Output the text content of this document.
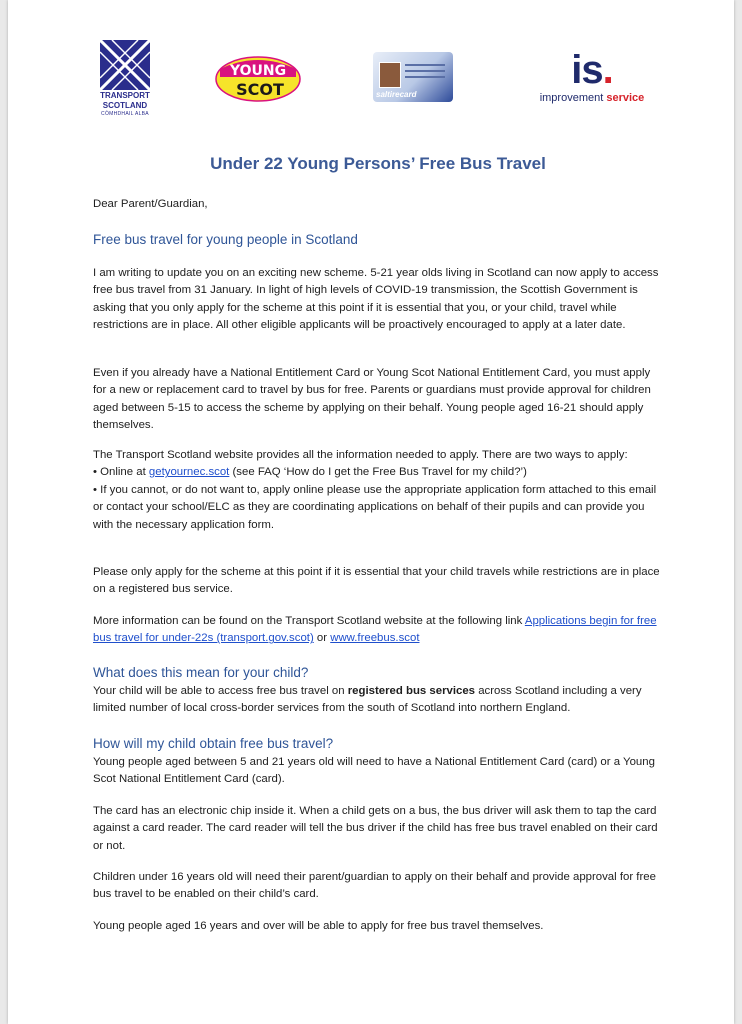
TRANSPORT
SCOTLAND
CÒMHDHAIL ALBA
YOUNG
SCOT	saltirecard
is.
improvement service
Under 22 Young Persons’ Free Bus Travel

Dear Parent/Guardian,

Free bus travel for young people in Scotland

I am writing to update you on an exciting new scheme. 5-21 year olds living in Scotland can now apply to access free bus travel from 31 January. In light of high levels of COVID-19 transmission, the Scottish Government is asking that you only apply for the scheme at this point if it is essential that you, or your child, travel while restrictions are in place. All other eligible applicants will be proactively encouraged to apply at a later date.

Even if you already have a National Entitlement Card or Young Scot National Entitlement Card, you must apply for a new or replacement card to travel by bus for free. Parents or guardians must provide approval for children aged between 5-15 to access the scheme by applying on their behalf. Young people aged 16-21 should apply themselves.

The Transport Scotland website provides all the information needed to apply. There are two ways to apply:
• Online at getyournec.scot (see FAQ ‘How do I get the Free Bus Travel for my child?’)
• If you cannot, or do not want to, apply online please use the appropriate application form attached to this email or contact your school/ELC as they are coordinating applications on behalf of their pupils and can provide you with the necessary application form.

Please only apply for the scheme at this point if it is essential that your child travels while restrictions are in place on a registered bus service.

More information can be found on the Transport Scotland website at the following link Applications begin for free bus travel for under-22s (transport.gov.scot) or www.freebus.scot

What does this mean for your child?

Your child will be able to access free bus travel on registered bus services across Scotland including a very limited number of local cross-border services from the south of Scotland into northern England.

How will my child obtain free bus travel?

Young people aged between 5 and 21 years old will need to have a National Entitlement Card (card) or a Young Scot National Entitlement Card (card).

The card has an electronic chip inside it. When a child gets on a bus, the bus driver will ask them to tap the card against a card reader. The card reader will tell the bus driver if the child has free bus travel enabled on their card or not.

Children under 16 years old will need their parent/guardian to apply on their behalf and provide approval for free bus travel to be enabled on their child’s card.

Young people aged 16 years and over will be able to apply for free bus travel themselves.
